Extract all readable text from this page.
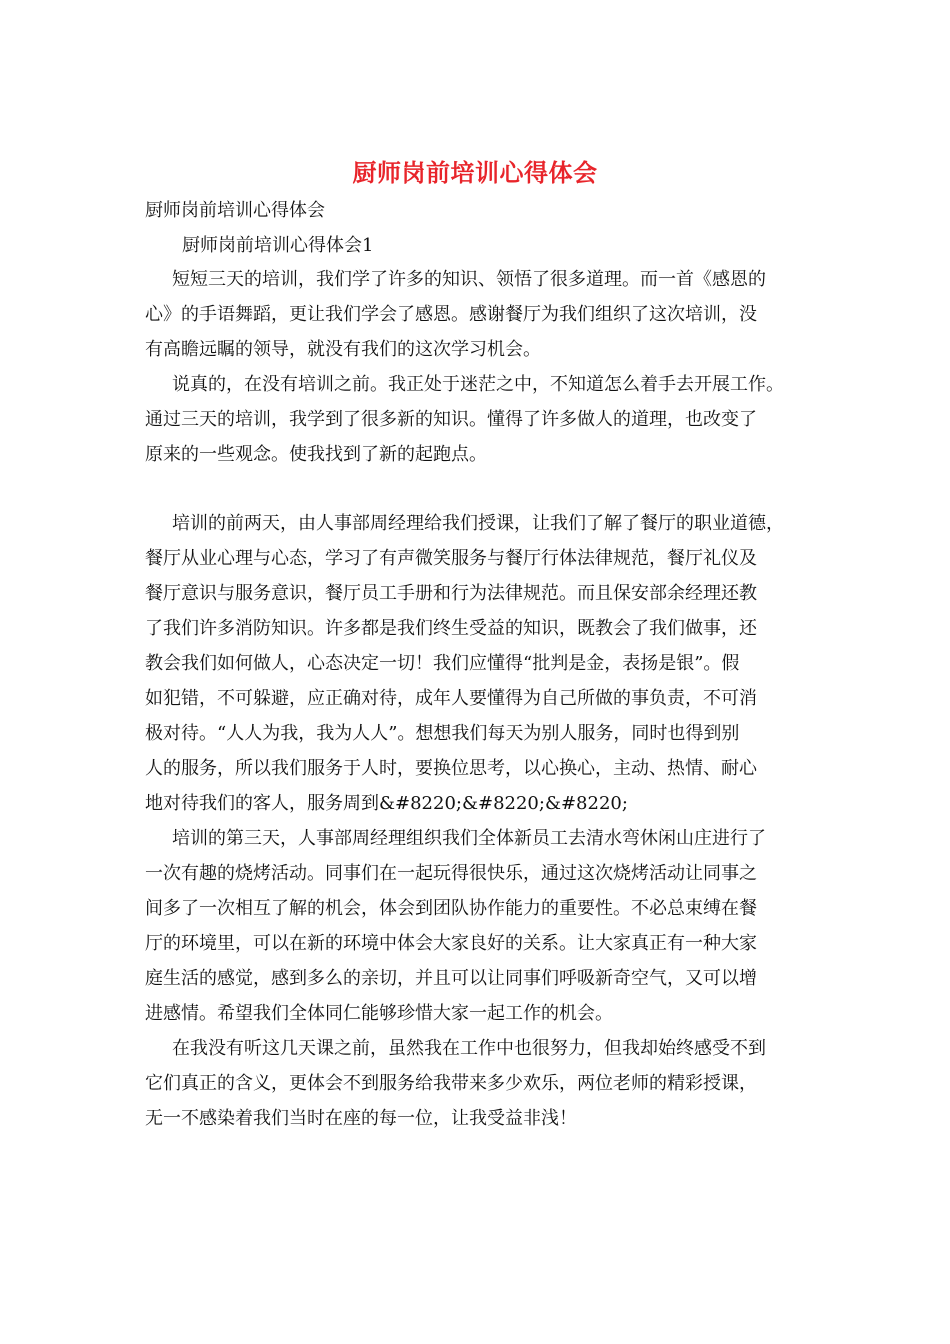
厨师岗前培训心得体会
厨师岗前培训心得体会
厨师岗前培训心得体会1
短短三天的培训，我们学了许多的知识、领悟了很多道理。而一首《感恩的
心》的手语舞蹈，更让我们学会了感恩。感谢餐厅为我们组织了这次培训，没
有高瞻远瞩的领导，就没有我们的这次学习机会。
说真的，在没有培训之前。我正处于迷茫之中，不知道怎么着手去开展工作。
通过三天的培训，我学到了很多新的知识。懂得了许多做人的道理，也改变了
原来的一些观念。使我找到了新的起跑点。
培训的前两天，由人事部周经理给我们授课，让我们了解了餐厅的职业道德，
餐厅从业心理与心态，学习了有声微笑服务与餐厅行体法律规范，餐厅礼仪及
餐厅意识与服务意识，餐厅员工手册和行为法律规范。而且保安部余经理还教
了我们许多消防知识。许多都是我们终生受益的知识，既教会了我们做事，还
教会我们如何做人，心态决定一切！我们应懂得“批判是金，表扬是银”。假
如犯错，不可躲避，应正确对待，成年人要懂得为自己所做的事负责，不可消
极对待。“人人为我，我为人人”。想想我们每天为别人服务，同时也得到别
人的服务，所以我们服务于人时，要换位思考，以心换心，主动、热情、耐心
地对待我们的客人，服务周到&#8220;&#8220;&#8220;
培训的第三天，人事部周经理组织我们全体新员工去清水弯休闲山庄进行了
一次有趣的烧烤活动。同事们在一起玩得很快乐，通过这次烧烤活动让同事之
间多了一次相互了解的机会，体会到团队协作能力的重要性。不必总束缚在餐
厅的环境里，可以在新的环境中体会大家良好的关系。让大家真正有一种大家
庭生活的感觉，感到多么的亲切，并且可以让同事们呼吸新奇空气，又可以增
进感情。希望我们全体同仁能够珍惜大家一起工作的机会。
在我没有听这几天课之前，虽然我在工作中也很努力，但我却始终感受不到
它们真正的含义，更体会不到服务给我带来多少欢乐，两位老师的精彩授课，
无一不感染着我们当时在座的每一位，让我受益非浅！
